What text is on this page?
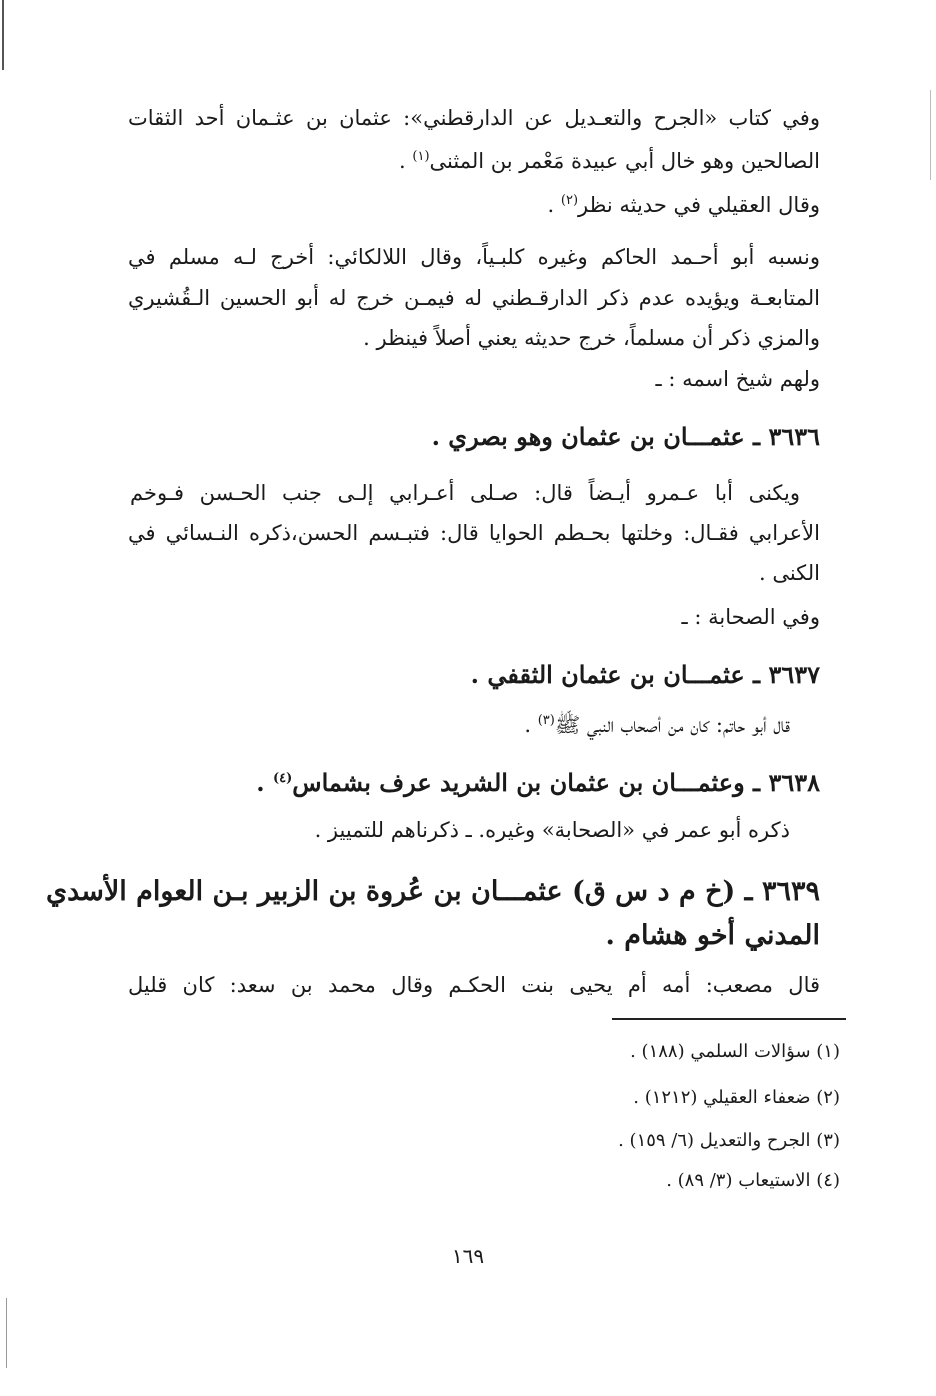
وفي كتاب «الجرح والتعـديل عن الدارقطني»: عثمان بن عثـمان أحد الثقات
الصالحين وهو خال أبي عبيدة مَعْمر بن المثنى$^{(١)}$ .
وقال العقيلي في حديثه نظر$^{(٢)}$ .
ونسبه أبو أحـمد الحاكم وغيره كلبـياً، وقال اللالكائي: أخرج لـه مسلم في
المتابعـة ويؤيده عدم ذكر الدارقـطني له فيمـن خرج له أبو الحسين الـقُشيري
والمزي ذكر أن مسلماً، خرج حديثه يعني أصلاً فينظر .
ولهم شيخ اسمه : ـ
٣٦٣٦ ـ عثمـــان بن عثمان وهو بصري .
ويكنى أبا عـمرو أيـضاً قال: صـلى أعـرابي إلـى جنب الحـسن فـوخم
الأعرابي فقـال: وخلتها بحـطم الحوايا قال: فتبـسم الحسن،ذكره النـسائي في
الكنى .
وفي الصحابة : ـ
٣٦٣٧ ـ عثمـــان بن عثمان الثقفي .
قال أبو حاتم: كان من أصحاب النبي ﷺ$^{(٣)}$ .
٣٦٣٨ ـ وعثمـــان بن عثمان بن الشريد عرف بشماس$^{(٤)}$ .
ذكره أبو عمر في «الصحابة» وغيره. ـ ذكرناهم للتمييز .
٣٦٣٩ ـ (خ م د س ق) عثمـــان بن عُروة بن الزبير بـن العوام الأسدي
المدني أخو هشام .
قال مصعب: أمه أم يحيى بنت الحكـم وقال محمد بن سعد: كان قليل
(١) سؤالات السلمي (١٨٨) .
(٢) ضعفاء العقيلي (١٢١٢) .
(٣) الجرح والتعديل (٦/ ١٥٩) .
(٤) الاستيعاب (٣/ ٨٩) .
١٦٩
